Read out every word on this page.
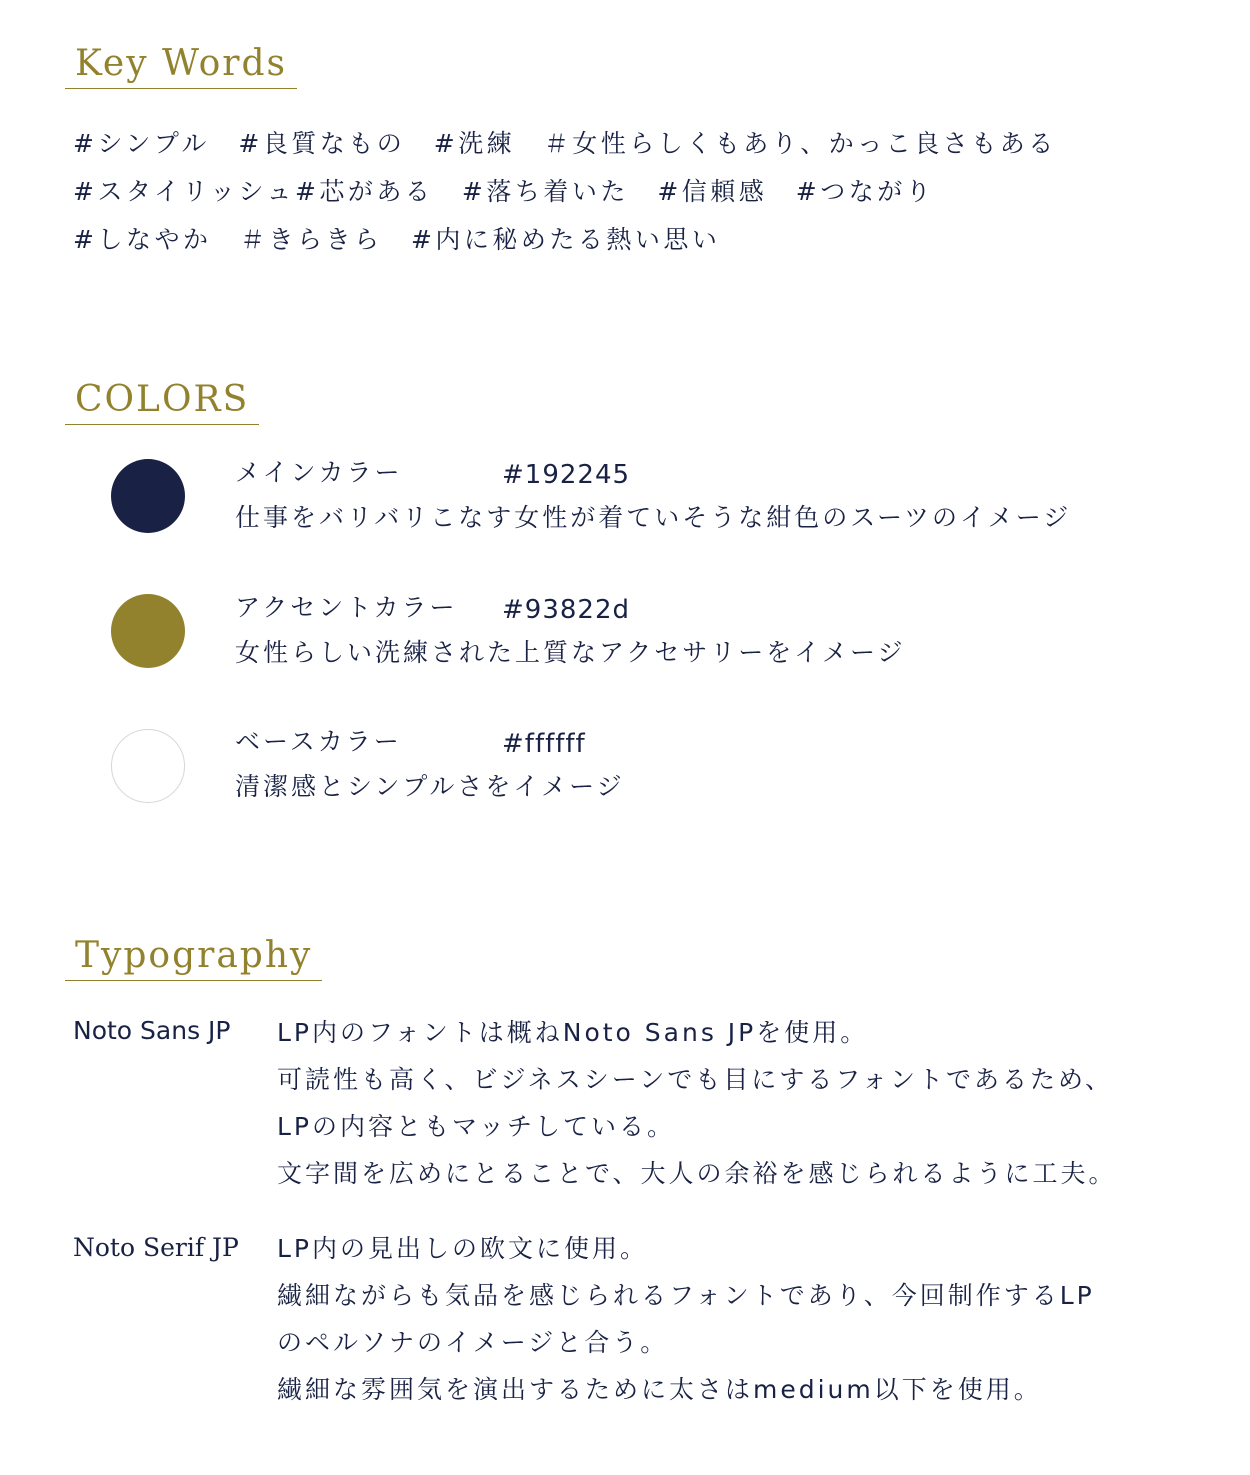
Key Words
#シンプル　#良質なもの　#洗練　＃女性らしくもあり、かっこ良さもある
#スタイリッシュ#芯がある　#落ち着いた　#信頼感　#つながり
#しなやか　＃きらきら　#内に秘めたる熱い思い
COLORS
メインカラー	#192245
仕事をバリバリこなす女性が着ていそうな紺色のスーツのイメージ
アクセントカラー #93822d
女性らしい洗練された上質なアクセサリーをイメージ
ベースカラー	#ffffff
清潔感とシンプルさをイメージ
Typography
Noto Sans JP LP内のフォントは概ねNoto Sans JPを使用。
可読性も高く、ビジネスシーンでも目にするフォントであるため、
LPの内容ともマッチしている。
文字間を広めにとることで、大人の余裕を感じられるように工夫。
Noto Serif JP LP内の見出しの欧文に使用。
繊細ながらも気品を感じられるフォントであり、今回制作するLP
のペルソナのイメージと合う。
繊細な雰囲気を演出するために太さはmedium以下を使用。
